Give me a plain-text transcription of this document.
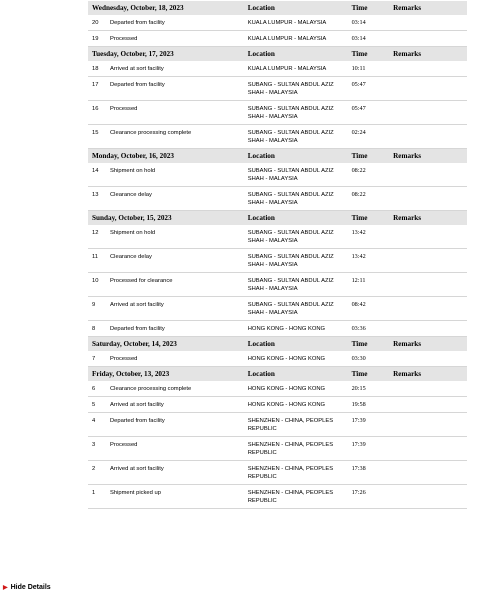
Wednesday, October, 18, 2023	Location	Time	Remarks
20 Departed from facility	KUALA LUMPUR - MALAYSIA	03:14	
19 Processed	KUALA LUMPUR - MALAYSIA	03:14	
Tuesday, October, 17, 2023	Location	Time	Remarks
18 Arrived at sort facility	KUALA LUMPUR - MALAYSIA	10:11	
17 Departed from facility	SUBANG - SULTAN ABDUL AZIZ SHAH - MALAYSIA	05:47	
16 Processed	SUBANG - SULTAN ABDUL AZIZ SHAH - MALAYSIA	05:47	
15 Clearance processing complete	SUBANG - SULTAN ABDUL AZIZ SHAH - MALAYSIA	02:24	
Monday, October, 16, 2023	Location	Time	Remarks
14 Shipment on hold	SUBANG - SULTAN ABDUL AZIZ SHAH - MALAYSIA	08:22	
13 Clearance delay	SUBANG - SULTAN ABDUL AZIZ SHAH - MALAYSIA	08:22	
Sunday, October, 15, 2023	Location	Time	Remarks
12 Shipment on hold	SUBANG - SULTAN ABDUL AZIZ SHAH - MALAYSIA	13:42	
11 Clearance delay	SUBANG - SULTAN ABDUL AZIZ SHAH - MALAYSIA	13:42	
10 Processed for clearance	SUBANG - SULTAN ABDUL AZIZ SHAH - MALAYSIA	12:11	
9 Arrived at sort facility	SUBANG - SULTAN ABDUL AZIZ SHAH - MALAYSIA	08:42	
8 Departed from facility	HONG KONG - HONG KONG	03:36	
Saturday, October, 14, 2023	Location	Time	Remarks
7 Processed	HONG KONG - HONG KONG	03:30	
Friday, October, 13, 2023	Location	Time	Remarks
6 Clearance processing complete	HONG KONG - HONG KONG	20:15	
5 Arrived at sort facility	HONG KONG - HONG KONG	19:58	
4 Departed from facility	SHENZHEN - CHINA, PEOPLES REPUBLIC	17:39	
3 Processed	SHENZHEN - CHINA, PEOPLES REPUBLIC	17:39	
2 Arrived at sort facility	SHENZHEN - CHINA, PEOPLES REPUBLIC	17:38	
1 Shipment picked up	SHENZHEN - CHINA, PEOPLES REPUBLIC	17:26	
▶ Hide Details
